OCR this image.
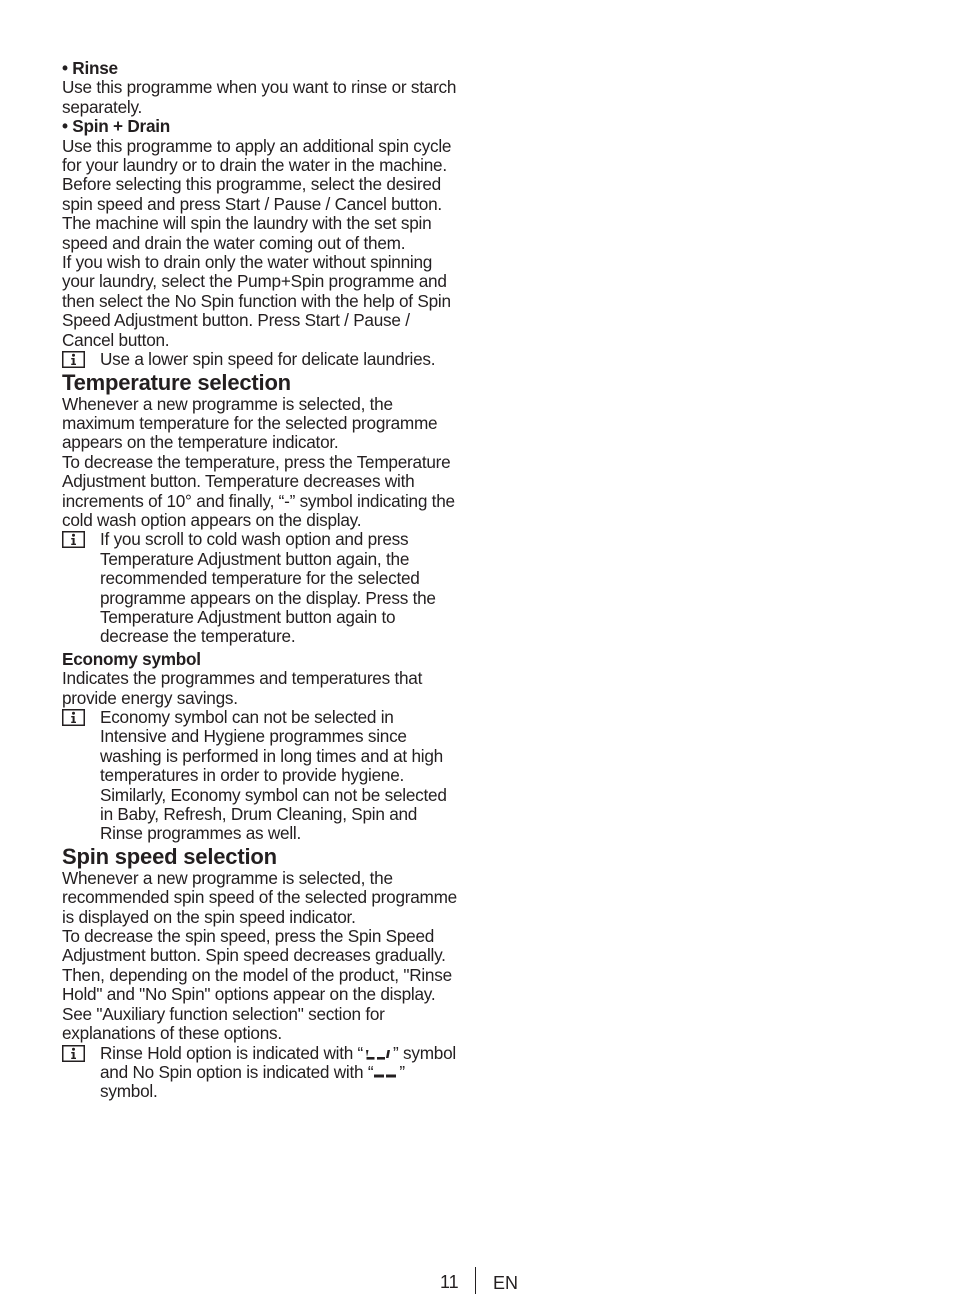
• Rinse

Use this programme when you want to rinse or starch separately.

• Spin + Drain

Use this programme to apply an additional spin cycle for your laundry or to drain the water in the machine.

Before selecting this programme, select the desired spin speed and press Start / Pause / Cancel button. The machine will spin the laundry with the set spin speed and drain the water coming out of them.

If you wish to drain only the water without spinning your laundry, select the Pump+Spin programme and then select the No Spin function with the help of Spin Speed Adjustment button. Press Start / Pause / Cancel button.

Use a lower spin speed for delicate laundries.

Temperature selection

Whenever a new programme is selected, the maximum temperature for the selected programme appears on the temperature indicator.

To decrease the temperature, press the Temperature Adjustment button. Temperature decreases with increments of 10° and finally, “-” symbol indicating the cold wash option appears on the display.

If you scroll to cold wash option and press Temperature Adjustment button again, the recommended temperature for the selected programme appears on the display. Press the Temperature Adjustment button again to decrease the temperature.

Economy symbol

Indicates the programmes and temperatures that provide energy savings.

Economy symbol can not be selected in Intensive and Hygiene programmes since washing is performed in long times and at high temperatures in order to provide hygiene. Similarly, Economy symbol can not be selected in Baby, Refresh, Drum Cleaning, Spin and Rinse programmes as well.

Spin speed selection

Whenever a new programme is selected, the recommended spin speed of the selected programme is displayed on the spin speed indicator.

To decrease the spin speed, press the Spin Speed Adjustment button. Spin speed decreases gradually. Then, depending on the model of the product, "Rinse Hold" and "No Spin" options appear on the display. See "Auxiliary function selection" section for explanations of these options.

Rinse Hold option is indicated with “ ” symbol and No Spin option is indicated with “ ” symbol.

11 EN
